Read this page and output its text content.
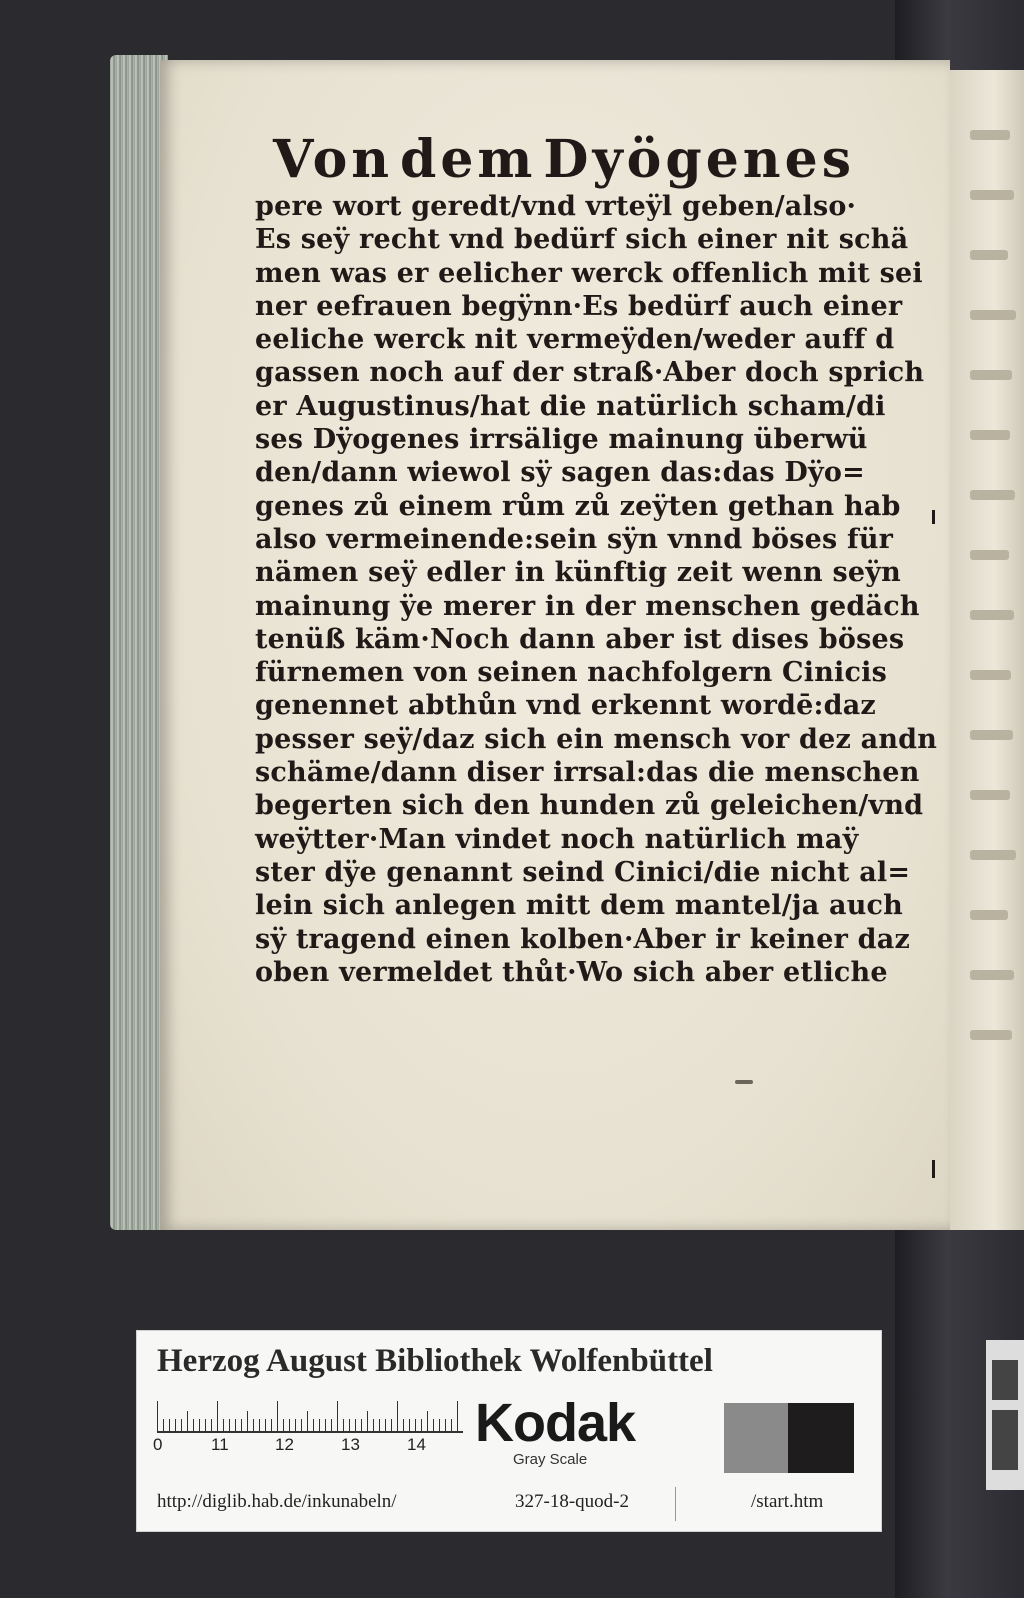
Von dem Dyögenes
pere wort geredt/vnd vrteÿl geben/also·
Es seÿ recht vnd bedürf sich einer nit schä
men was er eelicher werck offenlich mit sei
ner eefrauen begÿnn·Es bedürf auch einer
eeliche werck nit vermeÿden/weder auff d
gassen noch auf der straß·Aber doch sprich
er Augustinus/hat die natürlich scham/di
ses Dÿogenes irrsälige mainung überwü
den/dann wiewol sÿ sagen das:das Dÿo=
genes zů einem rům zů zeÿten gethan hab
also vermeinende:sein sÿn vnnd böses für
nämen seÿ edler in künftig zeit wenn seÿn
mainung ÿe merer in der menschen gedäch
tenüß käm·Noch dann aber ist dises böses
fürnemen von seinen nachfolgern Cinicis
genennet abthůn vnd erkennt wordē:daz
pesser seÿ/daz sich ein mensch vor dez andn
schäme/dann diser irrsal:das die menschen
begerten sich den hunden zů geleichen/vnd
weÿtter·Man vindet noch natürlich maÿ
ster dÿe genannt seind Cinici/die nicht al=
lein sich anlegen mitt dem mantel/ja auch
sÿ tragend einen kolben·Aber ir keiner daz
oben vermeldet thůt·Wo sich aber etliche
Herzog August Bibliothek Wolfenbüttel
0	11	12	13	14 Kodak
Gray Scale
http://diglib.hab.de/inkunabeln/	327-18-quod-2	/start.htm
